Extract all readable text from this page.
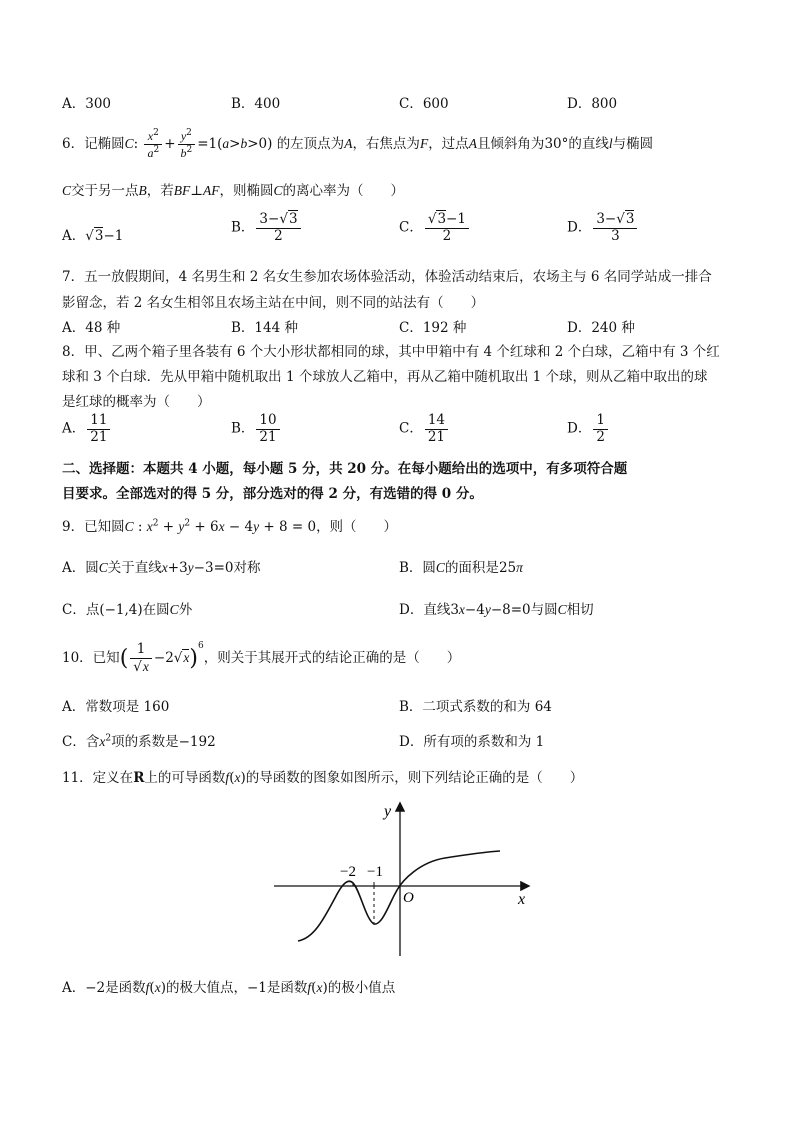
A．300	B．400	C．600	D．800
6．记椭圆C: $\frac{x^2}{a^2} + \frac{y^2}{b^2} =1(a>b>0)$ 的左顶点为A，右焦点为F，过点A且倾斜角为30°的直线l与椭圆
C交于另一点B，若BF⊥AF，则椭圆C的离心率为（　　）
A．√3−1
B． $\frac{3-√3}{2}$	C． $\frac{√3-1}{2}$	D． $\frac{3-√3}{3}$
7．五一放假期间，4 名男生和 2 名女生参加农场体验活动，体验活动结束后，农场主与 6 名同学站成一排合
影留念，若 2 名女生相邻且农场主站在中间，则不同的站法有（　　）
A．48 种	B．144 种	C．192 种	D．240 种
8．甲、乙两个箱子里各装有 6 个大小形状都相同的球，其中甲箱中有 4 个红球和 2 个白球，乙箱中有 3 个红
球和 3 个白球．先从甲箱中随机取出 1 个球放人乙箱中，再从乙箱中随机取出 1 个球，则从乙箱中取出的球
是红球的概率为（　　）
A． $\frac{11}{21}$	B． $\frac{10}{21}$	C． $\frac{14}{21}$	D． $\frac{1}{2}$
二、选择题：本题共 4 小题，每小题 5 分，共 20 分。在每小题给出的选项中，有多项符合题
目要求。全部选对的得 5 分，部分选对的得 2 分，有选错的得 0 分。
9．已知圆C : $x^2 + y^2 + 6x - 4y + 8 = 0$，则（　　）
A．圆C关于直线x+3y−3=0对称	B．圆C的面积是25π
C．点(−1,4)在圆C外	D．直线3x−4y−8=0与圆C相切
10．已知( $\frac{1}{√x} -2√x)^6$，则关于其展开式的结论正确的是（　　）
A．常数项是 160	B．二项式系数的和为 64
C．含$x^2$项的系数是−192	D．所有项的系数和为 1
11．定义在R上的可导函数f(x)的导函数的图象如图所示，则下列结论正确的是（　　）
y
x
O
−2 −1
A．−2是函数f(x)的极大值点，−1是函数f(x)的极小值点
